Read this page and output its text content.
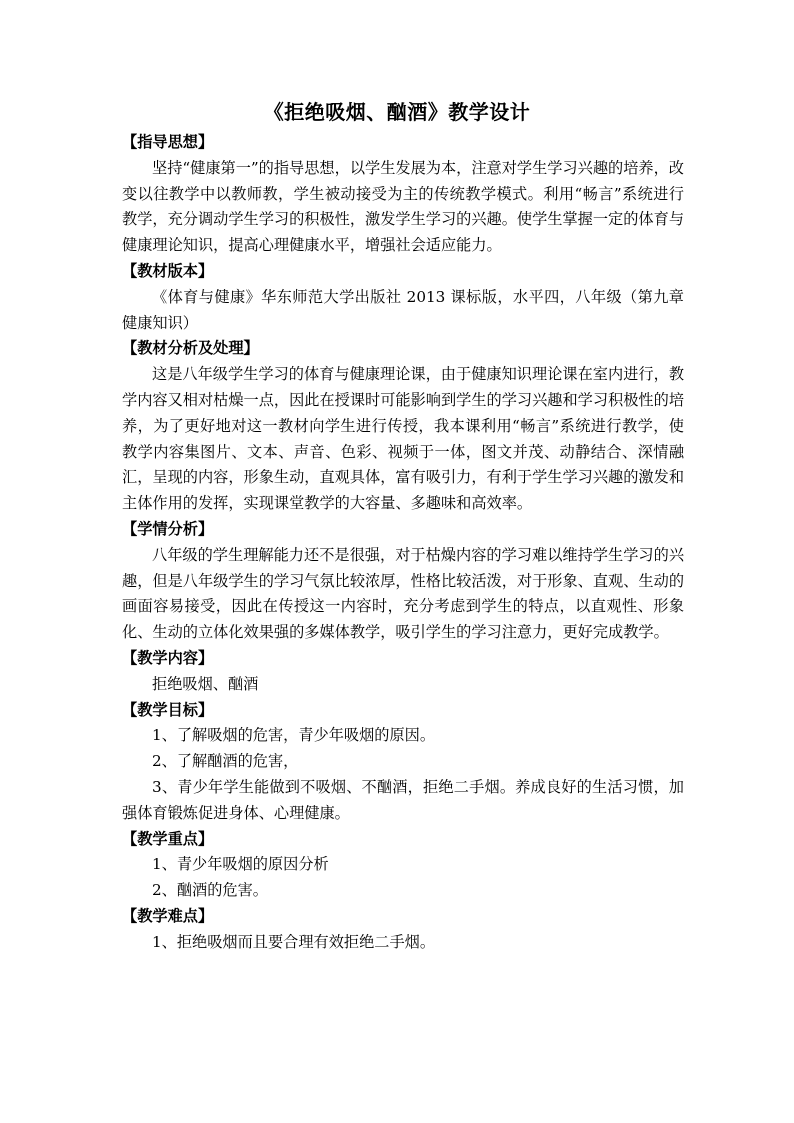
《拒绝吸烟、酗酒》教学设计
【指导思想】

坚持“健康第一”的指导思想，以学生发展为本，注意对学生学习兴趣的培养，改变以往教学中以教师教，学生被动接受为主的传统教学模式。利用“畅言”系统进行教学，充分调动学生学习的积极性，激发学生学习的兴趣。使学生掌握一定的体育与健康理论知识，提高心理健康水平，增强社会适应能力。

【教材版本】

《体育与健康》华东师范大学出版社 2013 课标版，水平四，八年级（第九章健康知识）

【教材分析及处理】

这是八年级学生学习的体育与健康理论课，由于健康知识理论课在室内进行，教学内容又相对枯燥一点，因此在授课时可能影响到学生的学习兴趣和学习积极性的培养，为了更好地对这一教材向学生进行传授，我本课利用“畅言”系统进行教学，使教学内容集图片、文本、声音、色彩、视频于一体，图文并茂、动静结合、深情融汇，呈现的内容，形象生动，直观具体，富有吸引力，有利于学生学习兴趣的激发和主体作用的发挥，实现课堂教学的大容量、多趣味和高效率。

【学情分析】

八年级的学生理解能力还不是很强，对于枯燥内容的学习难以维持学生学习的兴趣，但是八年级学生的学习气氛比较浓厚，性格比较活泼，对于形象、直观、生动的画面容易接受，因此在传授这一内容时，充分考虑到学生的特点，以直观性、形象化、生动的立体化效果强的多媒体教学，吸引学生的学习注意力，更好完成教学。

【教学内容】

拒绝吸烟、酗酒

【教学目标】

1、了解吸烟的危害，青少年吸烟的原因。

2、了解酗酒的危害，

3、青少年学生能做到不吸烟、不酗酒，拒绝二手烟。养成良好的生活习惯，加强体育锻炼促进身体、心理健康。

【教学重点】

1、青少年吸烟的原因分析

2、酗酒的危害。

【教学难点】

1、拒绝吸烟而且要合理有效拒绝二手烟。
